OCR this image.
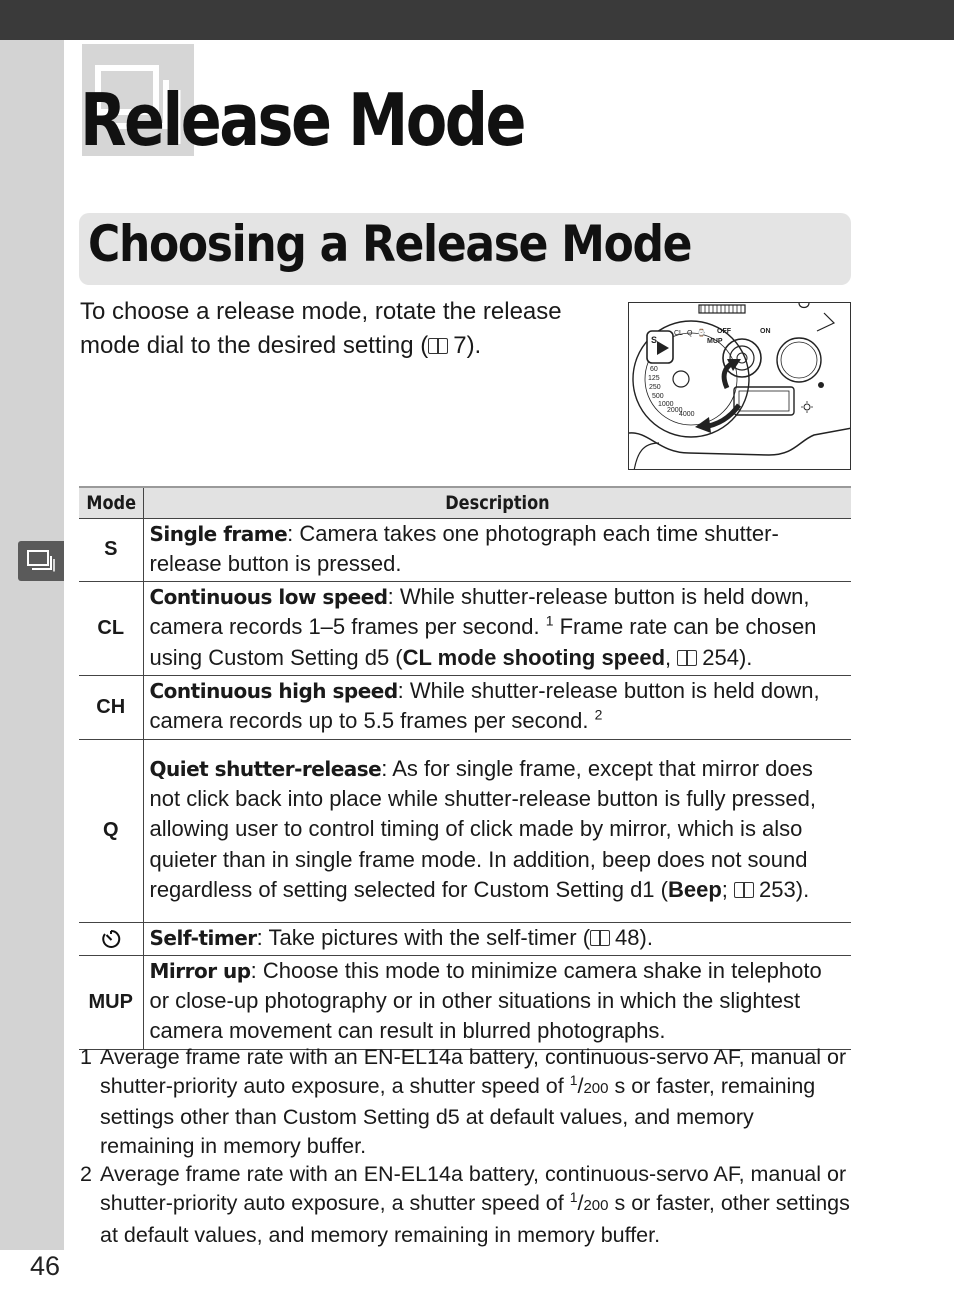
46
Release Mode
Choosing a Release Mode

To choose a release mode, rotate the release mode dial to the desired setting ( 7).	S
CL Q ⌚
MUP
OFF	ON
60
125
250
500
1000
2000
4000
Mode	Description
S	Single frame: Camera takes one photograph each time shutter-release button is pressed.
CL	Continuous low speed: While shutter-release button is held down, camera records 1–5 frames per second. $^1$ Frame rate can be chosen using Custom Setting d5 (CL mode shooting speed, 254).
CH	Continuous high speed: While shutter-release button is held down, camera records up to 5.5 frames per second. $^2$
Q	Quiet shutter-release: As for single frame, except that mirror does not click back into place while shutter-release button is fully pressed, allowing user to control timing of click made by mirror, which is also quieter than in single frame mode. In addition, beep does not sound regardless of setting selected for Custom Setting d1 (Beep; 253).
	Self-timer: Take pictures with the self-timer ( 48).
MUP	Mirror up: Choose this mode to minimize camera shake in telephoto or close-up photography or in other situations in which the slightest camera movement can result in blurred photographs.
1 Average frame rate with an EN-EL14a battery, continuous-servo AF, manual or shutter-priority auto exposure, a shutter speed of $^1$/200 s or faster, remaining settings other than Custom Setting d5 at default values, and memory remaining in memory buffer.
2 Average frame rate with an EN-EL14a battery, continuous-servo AF, manual or shutter-priority auto exposure, a shutter speed of $^1$/200 s or faster, other settings at default values, and memory remaining in memory buffer.
